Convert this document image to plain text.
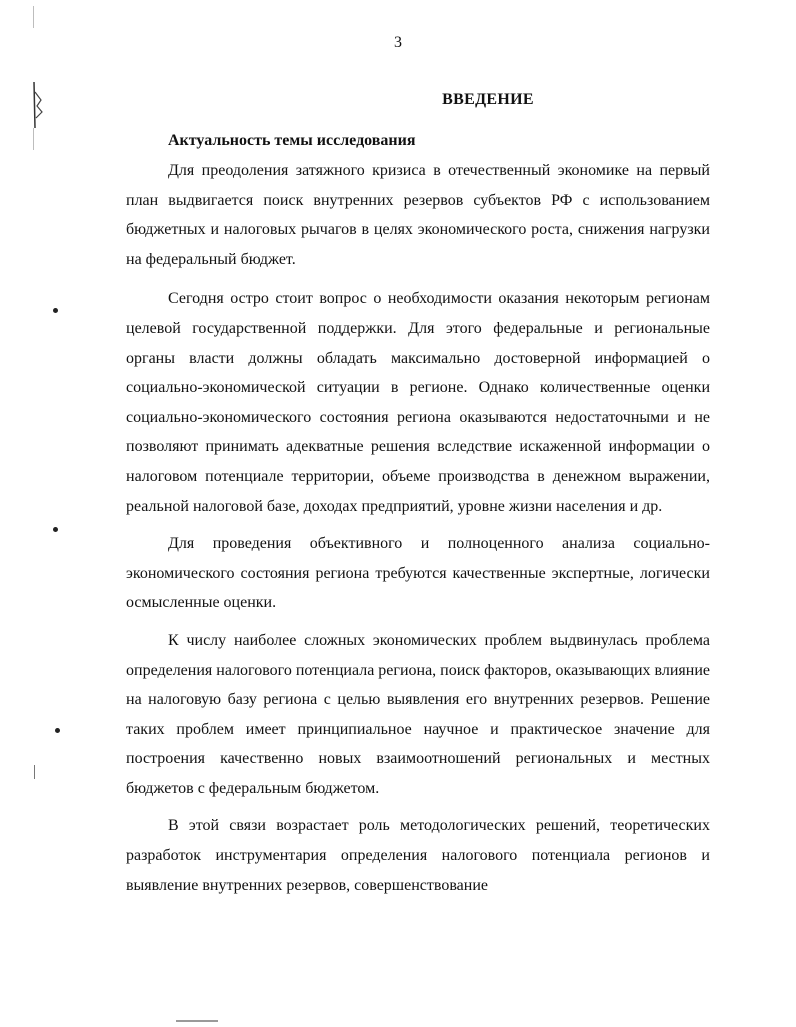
3
ВВЕДЕНИЕ
Актуальность темы исследования

Для преодоления затяжного кризиса в отечественный экономике на первый план выдвигается поиск внутренних резервов субъектов РФ с использованием бюджетных и налоговых рычагов в целях экономического роста, снижения нагрузки на федеральный бюджет.

Сегодня остро стоит вопрос о необходимости оказания некоторым регионам целевой государственной поддержки. Для этого федеральные и региональные органы власти должны обладать максимально достоверной информацией о социально-экономической ситуации в регионе. Однако количественные оценки социально-экономического состояния региона оказываются недостаточными и не позволяют принимать адекватные решения вследствие искаженной информации о налоговом потенциале территории, объеме производства в денежном выражении, реальной налоговой базе, доходах предприятий, уровне жизни населения и др.

Для проведения объективного и полноценного анализа социально-экономического состояния региона требуются качественные экспертные, логически осмысленные оценки.

К числу наиболее сложных экономических проблем выдвинулась проблема определения налогового потенциала региона, поиск факторов, оказывающих влияние на налоговую базу региона с целью выявления его внутренних резервов. Решение таких проблем имеет принципиальное научное и практическое значение для построения качественно новых взаимоотношений региональных и местных бюджетов с федеральным бюджетом.

В этой связи возрастает роль методологических решений, теоретических разработок инструментария определения налогового потенциала регионов и выявление внутренних резервов, совершенствование
